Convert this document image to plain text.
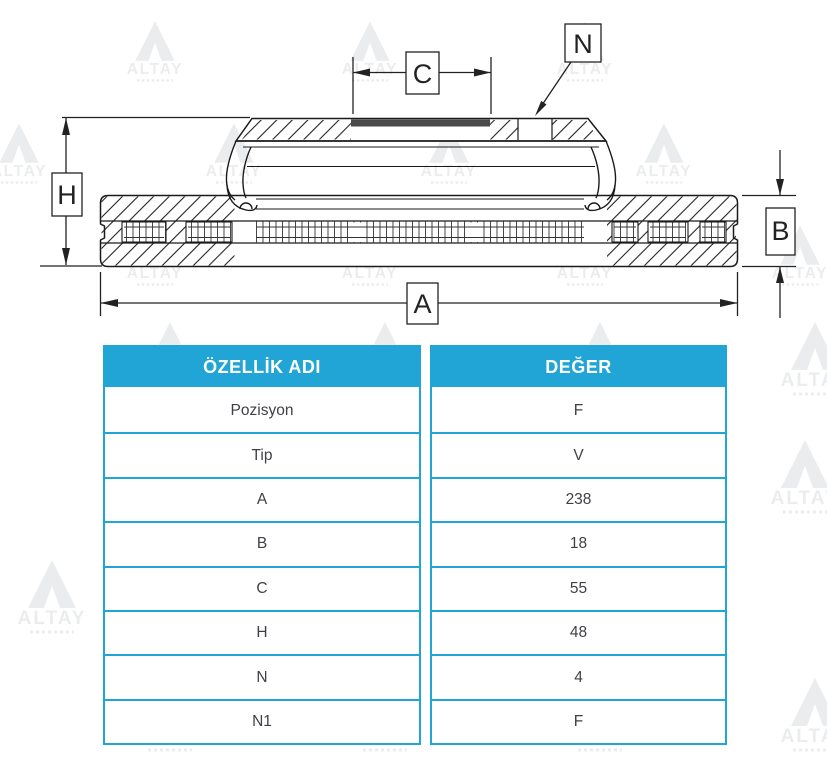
H
C
N
B
A
ÖZELLİK ADI
Pozisyon
Tip
A
B
C
H
N
N1
DEĞER
F
V
238
18
55
48
4
F
